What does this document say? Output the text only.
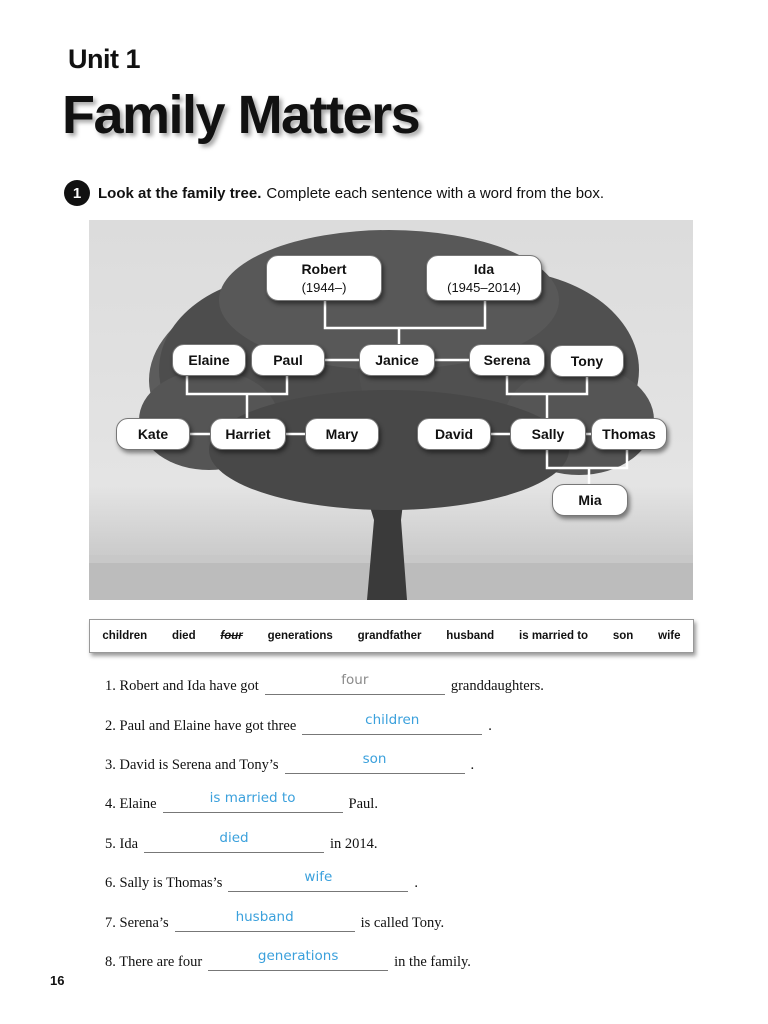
Unit 1
Family Matters
1	Look at the family tree. Complete each sentence with a word from the box.
Robert
(1944–)
Ida
(1945–2014)
Elaine	Paul	Janice	Serena	Tony
Kate	Harriet	Mary	David	Sally	Thomas
Mia
children died four generations grandfather husband is married to son wife
1. Robert and Ida have got	four	granddaughters.
2. Paul and Elaine have got three	children	.
3. David is Serena and Tony’s	son	.
4. Elaine	is married to	Paul.
5. Ida	died	in 2014.
6. Sally is Thomas’s	wife	.
7. Serena’s	husband	is called Tony.
8. There are four	generations	in the family.
16
